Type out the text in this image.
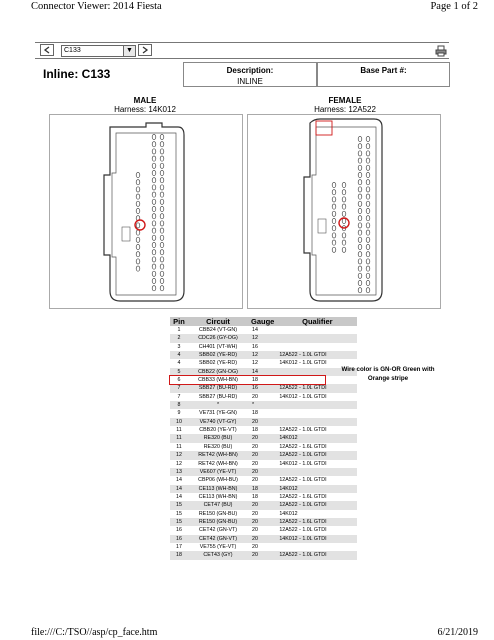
Connector Viewer: 2014 Fiesta	Page 1 of 2
C133	▼
Inline: C133	Description:
INLINE
Base Part #:
MALE
Harness: 14K012
FEMALE
Harness: 12A522
Pin	Circuit	Gauge	Qualifier
1	CBB24 (VT-GN)	14	
2	CDC26 (GY-OG)	12	
3	CH401 (VT-WH)	16	
4	SBB02 (YE-RD)	12	12A522 - 1.0L GTDI
4	SBB02 (YE-RD)	12	14K012 - 1.0L GTDI
5	CBB22 (GN-OG)	14	
6	CBB33 (WH-BN)	18	
7	SBB27 (BU-RD)	16	12A522 - 1.0L GTDI
7	SBB27 (BU-RD)	20	14K012 - 1.0L GTDI
8	*	*	
9	VE731 (YE-GN)	18	
10	VE740 (VT-GY)	20	
11	CBB20 (YE-VT)	18	12A522 - 1.0L GTDI
11	RE320 (BU)	20	14K012
11	RE320 (BU)	20	12A522 - 1.6L GTDI
12	RET42 (WH-BN)	20	12A522 - 1.0L GTDI
12	RET42 (WH-BN)	20	14K012 - 1.0L GTDI
13	VE607 (YE-VT)	20	
14	CBP06 (WH-BU)	20	12A522 - 1.0L GTDI
14	CE113 (WH-BN)	18	14K012
14	CE113 (WH-BN)	18	12A522 - 1.6L GTDI
15	CET47 (BU)	20	12A522 - 1.0L GTDI
15	RE150 (GN-BU)	20	14K012
15	RE150 (GN-BU)	20	12A522 - 1.6L GTDI
16	CET42 (GN-VT)	20	12A522 - 1.0L GTDI
16	CET42 (GN-VT)	20	14K012 - 1.0L GTDI
17	VE755 (YE-VT)	20	
18	CET43 (GY)	20	12A522 - 1.0L GTDI
Wire color is GN-OR Green with Orange stripe
file:///C:/TSO//asp/cp_face.htm	6/21/2019
